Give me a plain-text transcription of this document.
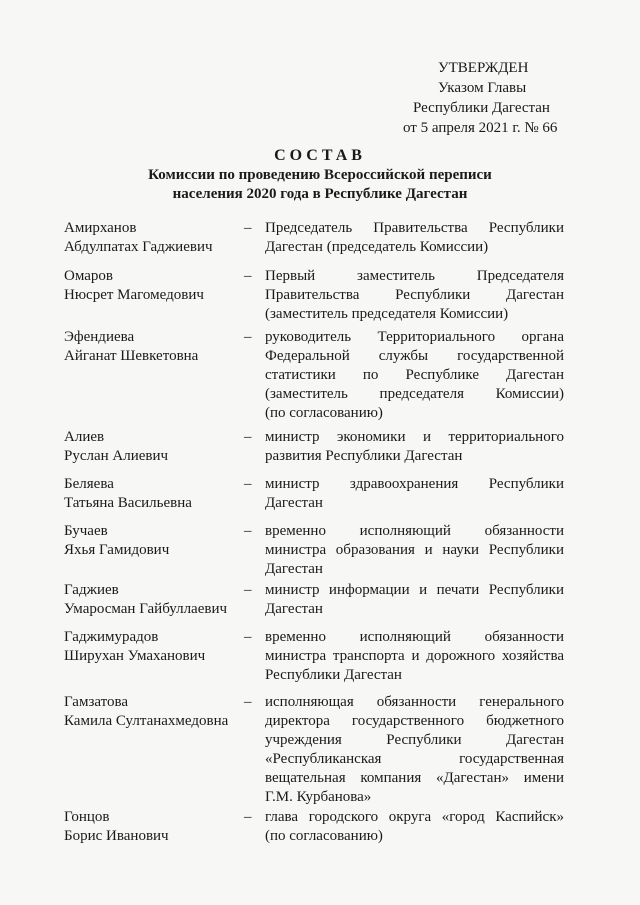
УТВЕРЖДЕН
Указом Главы
Республики Дагестан
от 5 апреля 2021 г. № 66
СОСТАВ
Комиссии по проведению Всероссийской переписи
населения 2020 года в Республике Дагестан
Амирханов
Абдулпатах Гаджиевич
– Председатель Правительства Республики
Дагестан (председатель Комиссии)
Омаров
Нюсрет Магомедович
– Первый заместитель Председателя
Правительства Республики Дагестан
(заместитель председателя Комиссии)
Эфендиева
Айганат Шевкетовна
– руководитель Территориального органа
Федеральной службы государственной
статистики по Республике Дагестан
(заместитель председателя Комиссии)
(по согласованию)
Алиев
Руслан Алиевич
– министр экономики и территориального
развития Республики Дагестан
Беляева
Татьяна Васильевна
– министр здравоохранения Республики
Дагестан
Бучаев
Яхья Гамидович
– временно исполняющий обязанности
министра образования и науки Республики
Дагестан
Гаджиев
Умаросман Гайбуллаевич
– министр информации и печати Республики
Дагестан
Гаджимурадов
Ширухан Умаханович
– временно исполняющий обязанности
министра транспорта и дорожного хозяйства
Республики Дагестан
Гамзатова
Камила Султанахмедовна
– исполняющая обязанности генерального
директора государственного бюджетного
учреждения Республики Дагестан
«Республиканская государственная
вещательная компания «Дагестан» имени
Г.М. Курбанова»
Гонцов
Борис Иванович
– глава городского округа «город Каспийск»
(по согласованию)
